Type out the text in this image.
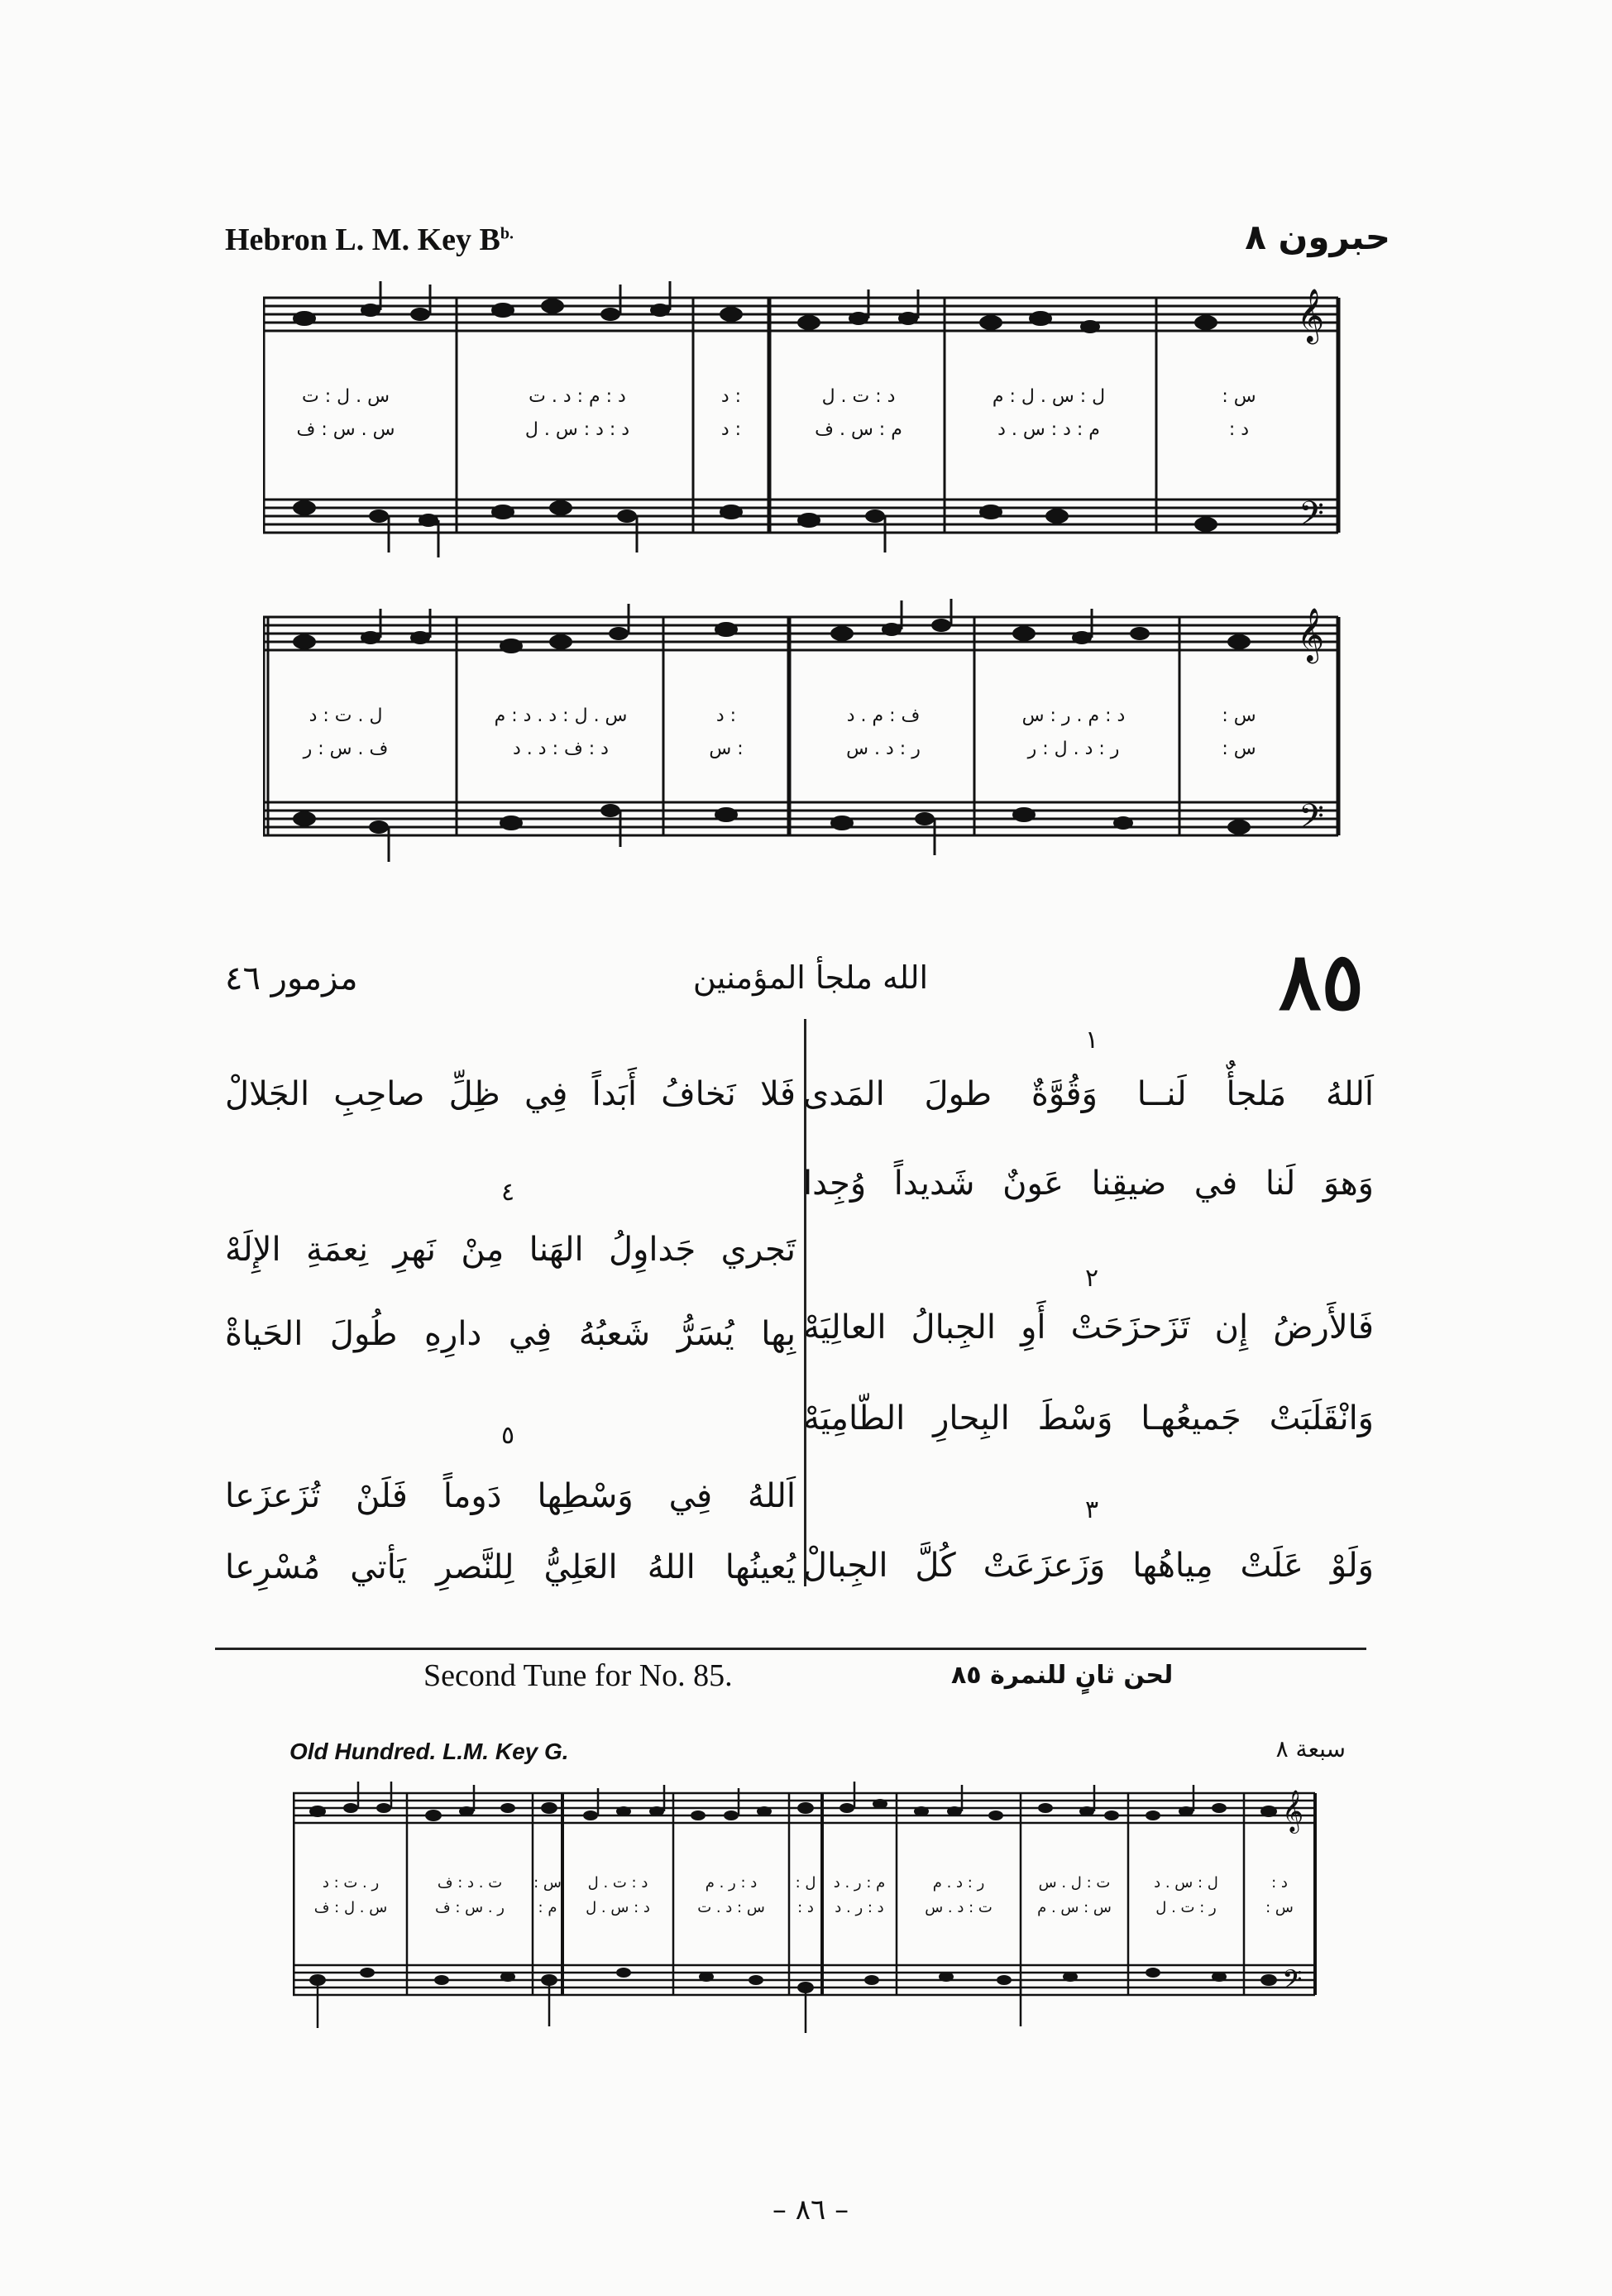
Hebron L. M. Key $B^{b.}$	حبرون ٨
𝄞
𝄢
س . ل : ت
س . س : ف
د : م : د . ت
د : د : س . ل
د :
د :
د : ت . ل
م : س . ف
ل : س . ل : م
م : د : س . د
: س
: د
𝄞
𝄢
ل . ت : د
ف . س : ر
س . ل : د . د : م
د : ف : د . د
د :
س :
ف : م . د
ر : د . س
د : م . ر : س
ر : د . ل : ر
: س
: س
٨٥
الله ملجأ المؤمنين
مزمور ٤٦
١
اَللهُ مَلجأٌ لَنــا وَقُوَّةٌ طولَ المَدى
وَهوَ لَنا في ضيقِنا عَونٌ شَديداً وُجِدا
٢
فَالأَرضُ إِن تَزَحزَحَتْ أَوِ الجِبالُ العالِيَهْ
وَانْقَلَبَتْ جَميعُهـا وَسْطَ البِحارِ الطّامِيَهْ
٣
وَلَوْ عَلَتْ مِياهُها وَزَعزَعَتْ كُلَّ الجِبالْ
فَلا نَخافُ أَبَداً فِي ظِلِّ صاحِبِ الجَلالْ
٤
تَجري جَداوِلُ الهَنا مِنْ نَهرِ نِعمَةِ الإِلَهْ
بِها يُسَرُّ شَعبُهُ فِي دارِهِ طُولَ الحَياةْ
٥
اَللهُ فِي وَسْطِها دَوماً فَلَنْ تُزَعزَعا
يُعينُها اللهُ العَلِيُّ لِلنَّصرِ يَأتي مُسْرِعا
Second Tune for No. 85.	لحن ثانٍ للنمرة ٨٥
Old Hundred. L.M. Key G.	سبعة ٨
𝄞
𝄢
ر . ت : د
س . ل : ف
ت . د : ف
ر . س : ف
: س
: م
د : ت . ل
د : س . ل
د : ر . م
س : د . ت
: ل
: د
م : ر . د
د : ر . د
ر : د . م
ت : د . س
ت : ل . س
س : س . م
ل : س . د
ر : ت . ل
: د
: س
– ٨٦ –
